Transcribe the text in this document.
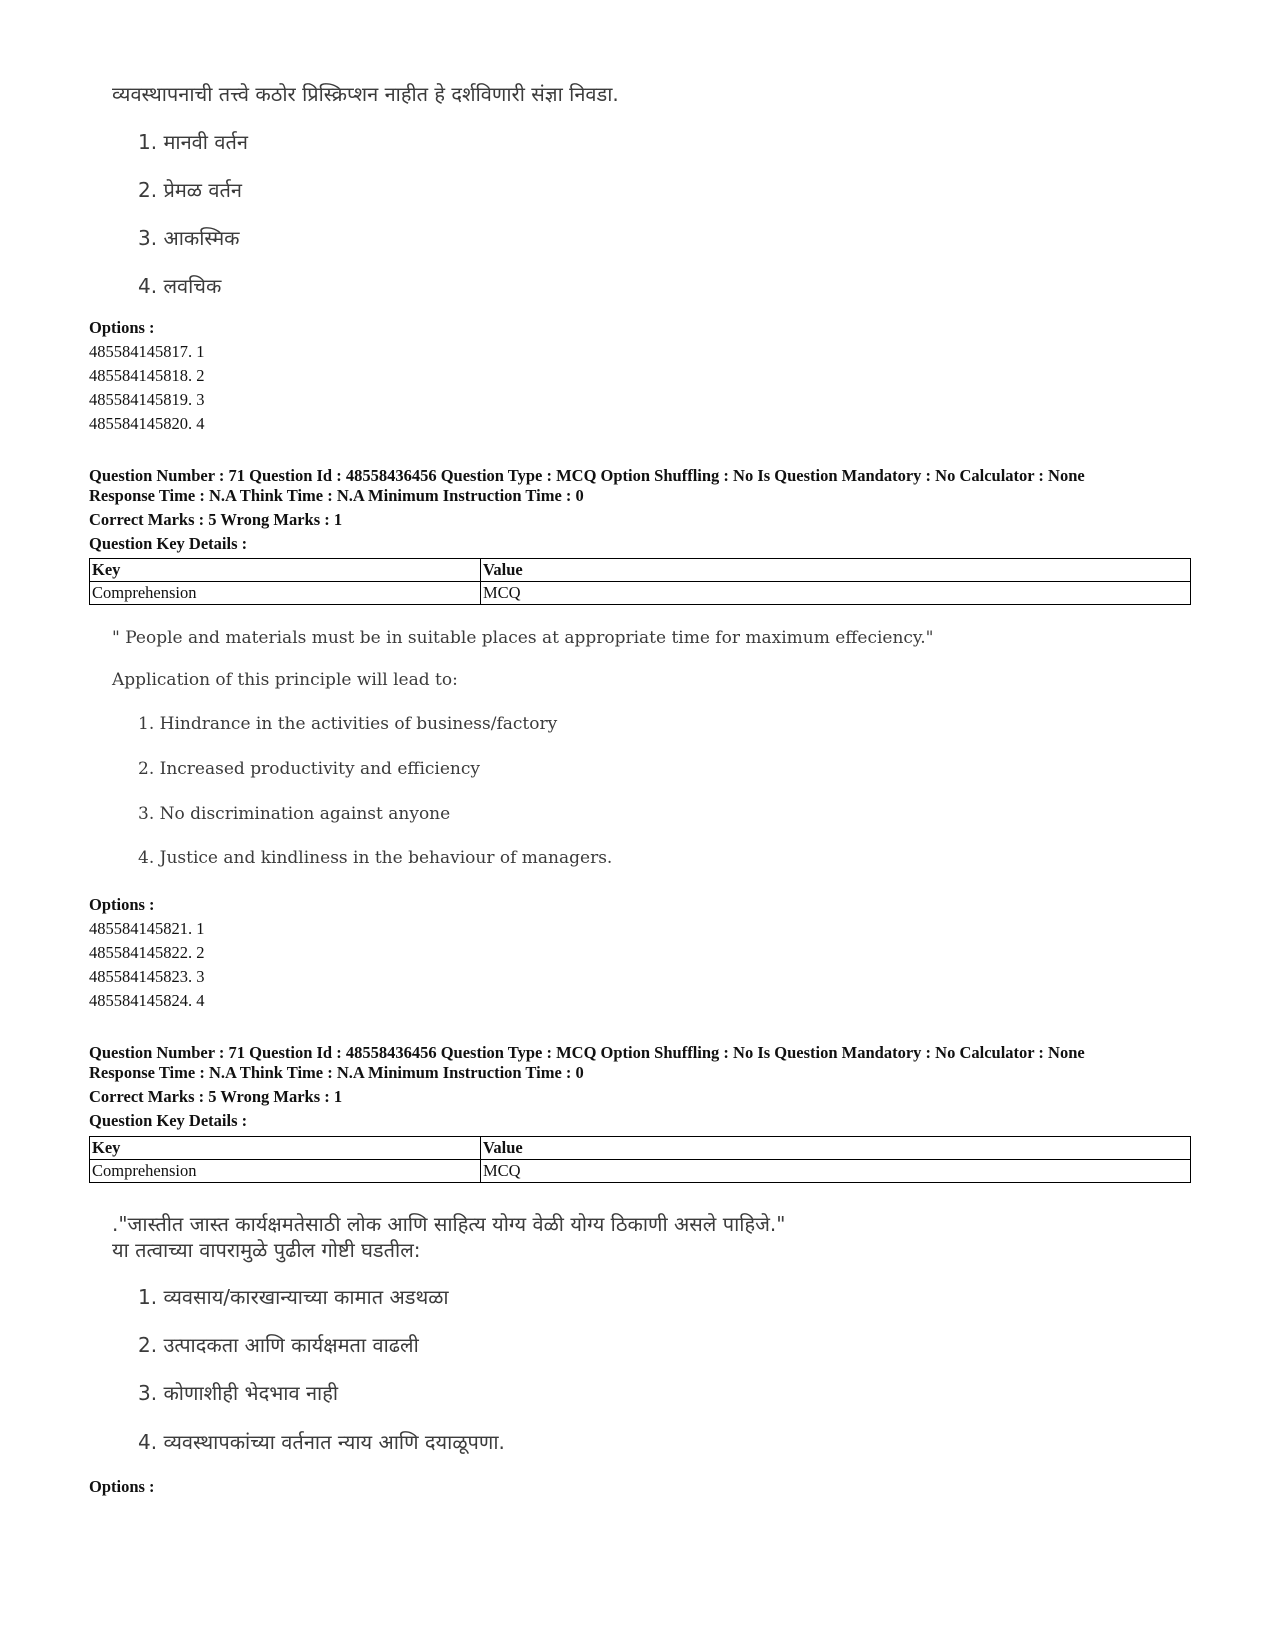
व्यवस्थापनाची तत्त्वे कठोर प्रिस्क्रिप्शन नाहीत हे दर्शविणारी संज्ञा निवडा.
1. मानवी वर्तन
2. प्रेमळ वर्तन
3. आकस्मिक
4. लवचिक
Options :
485584145817. 1
485584145818. 2
485584145819. 3
485584145820. 4
Question Number : 71 Question Id : 48558436456 Question Type : MCQ Option Shuffling : No Is Question Mandatory : No Calculator : None
Response Time : N.A Think Time : N.A Minimum Instruction Time : 0
Correct Marks : 5 Wrong Marks : 1
Question Key Details :
Key	Value
Comprehension	MCQ
" People and materials must be in suitable places at appropriate time for maximum effeciency."
Application of this principle will lead to:
1. Hindrance in the activities of business/factory
2. Increased productivity and efficiency
3. No discrimination against anyone
4. Justice and kindliness in the behaviour of managers.
Options :
485584145821. 1
485584145822. 2
485584145823. 3
485584145824. 4
Question Number : 71 Question Id : 48558436456 Question Type : MCQ Option Shuffling : No Is Question Mandatory : No Calculator : None
Response Time : N.A Think Time : N.A Minimum Instruction Time : 0
Correct Marks : 5 Wrong Marks : 1
Question Key Details :
Key	Value
Comprehension	MCQ
."जास्तीत जास्त कार्यक्षमतेसाठी लोक आणि साहित्य योग्य वेळी योग्य ठिकाणी असले पाहिजे."
या तत्वाच्या वापरामुळे पुढील गोष्टी घडतील:
1. व्यवसाय/कारखान्याच्या कामात अडथळा
2. उत्पादकता आणि कार्यक्षमता वाढली
3. कोणाशीही भेदभाव नाही
4. व्यवस्थापकांच्या वर्तनात न्याय आणि दयाळूपणा.
Options :
